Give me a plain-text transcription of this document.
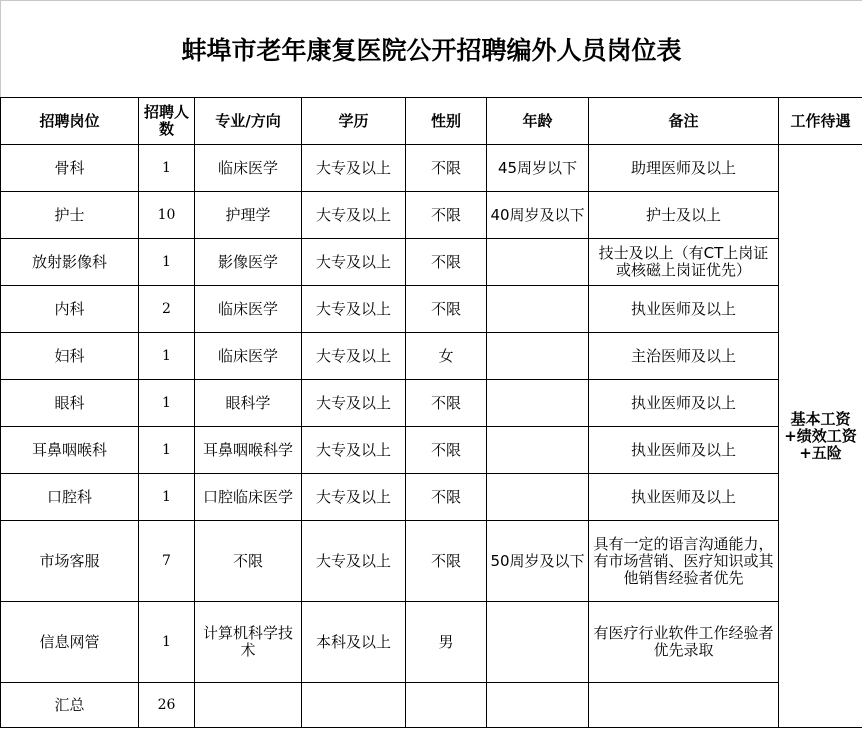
蚌埠市老年康复医院公开招聘编外人员岗位表
招聘岗位	招聘人数	专业/方向	学历	性别	年龄	备注	工作待遇
骨科	1	临床医学	大专及以上	不限	45周岁以下	助理医师及以上	基本工资+绩效工资+五险
护士	10	护理学	大专及以上	不限	40周岁及以下	护士及以上	
放射影像科	1	影像医学	大专及以上	不限		技士及以上（有CT上岗证或核磁上岗证优先）	
内科	2	临床医学	大专及以上	不限		执业医师及以上	
妇科	1	临床医学	大专及以上	女		主治医师及以上	
眼科	1	眼科学	大专及以上	不限		执业医师及以上	
耳鼻咽喉科	1	耳鼻咽喉科学	大专及以上	不限		执业医师及以上	
口腔科	1	口腔临床医学	大专及以上	不限		执业医师及以上	
市场客服	7	不限	大专及以上	不限	50周岁及以下	具有一定的语言沟通能力，有市场营销、医疗知识或其他销售经验者优先	
信息网管	1	计算机科学技术	本科及以上	男		有医疗行业软件工作经验者优先录取	
汇总	26						
